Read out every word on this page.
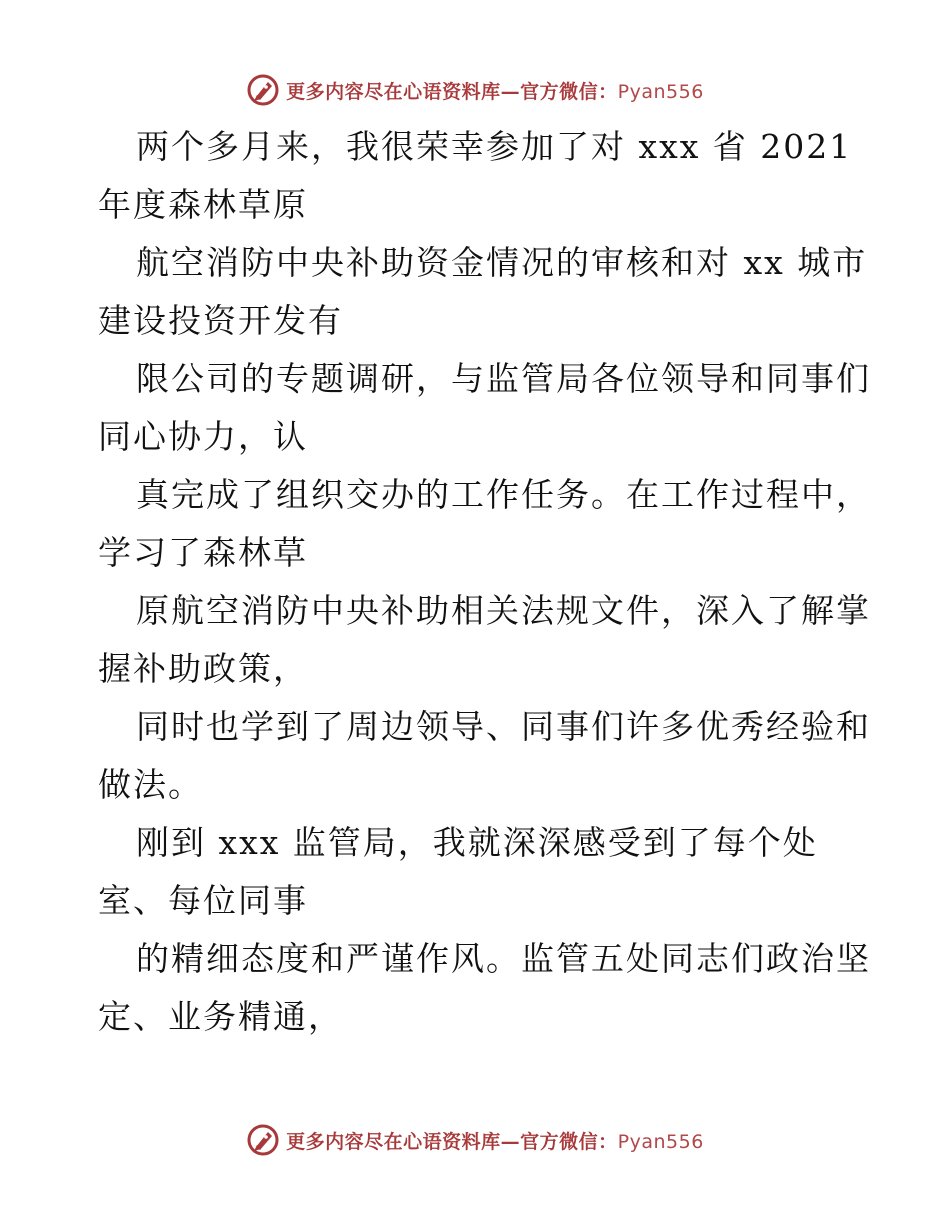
更多内容尽在心语资料库—官方微信：Pyan556
两个多月来，我很荣幸参加了对 xxx 省 2021
年度森林草原
航空消防中央补助资金情况的审核和对 xx 城市
建设投资开发有
限公司的专题调研，与监管局各位领导和同事们
同心协力，认
真完成了组织交办的工作任务。在工作过程中，
学习了森林草
原航空消防中央补助相关法规文件，深入了解掌
握补助政策，
同时也学到了周边领导、同事们许多优秀经验和
做法。
刚到 xxx 监管局，我就深深感受到了每个处
室、每位同事
的精细态度和严谨作风。监管五处同志们政治坚
定、业务精通，
更多内容尽在心语资料库—官方微信：Pyan556
